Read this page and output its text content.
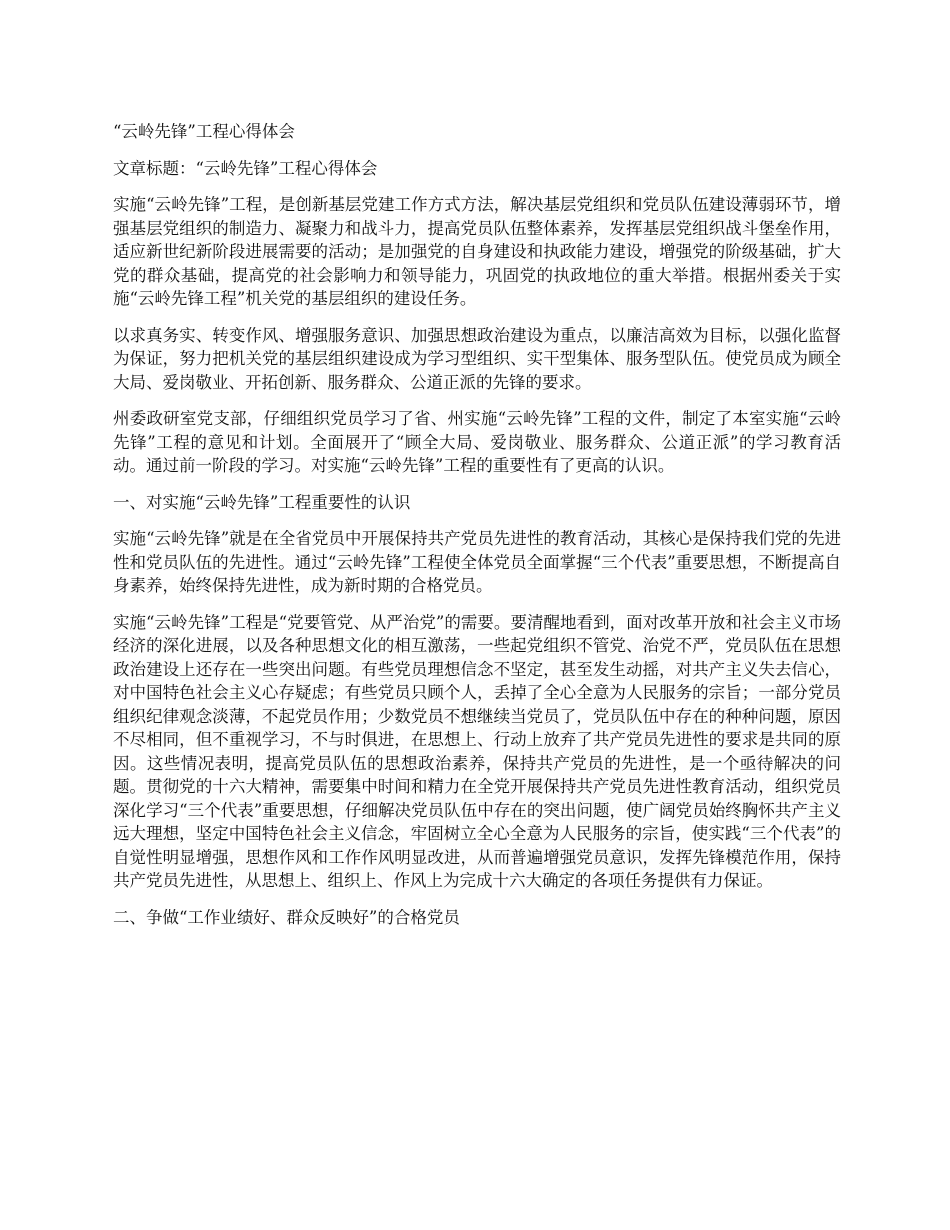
“云岭先锋”工程心得体会

文章标题：“云岭先锋”工程心得体会

实施“云岭先锋”工程，是创新基层党建工作方式方法，解决基层党组织和党员队伍建设薄弱环节，增强基层党组织的制造力、凝聚力和战斗力，提高党员队伍整体素养，发挥基层党组织战斗堡垒作用，适应新世纪新阶段进展需要的活动；是加强党的自身建设和执政能力建设，增强党的阶级基础，扩大党的群众基础，提高党的社会影响力和领导能力，巩固党的执政地位的重大举措。根据州委关于实施“云岭先锋工程”机关党的基层组织的建设任务。

以求真务实、转变作风、增强服务意识、加强思想政治建设为重点，以廉洁高效为目标，以强化监督为保证，努力把机关党的基层组织建设成为学习型组织、实干型集体、服务型队伍。使党员成为顾全大局、爱岗敬业、开拓创新、服务群众、公道正派的先锋的要求。

州委政研室党支部，仔细组织党员学习了省、州实施“云岭先锋”工程的文件，制定了本室实施“云岭先锋”工程的意见和计划。全面展开了“顾全大局、爱岗敬业、服务群众、公道正派”的学习教育活动。通过前一阶段的学习。对实施“云岭先锋”工程的重要性有了更高的认识。

一、对实施“云岭先锋”工程重要性的认识

实施“云岭先锋”就是在全省党员中开展保持共产党员先进性的教育活动，其核心是保持我们党的先进性和党员队伍的先进性。通过“云岭先锋”工程使全体党员全面掌握“三个代表”重要思想，不断提高自身素养，始终保持先进性，成为新时期的合格党员。

实施“云岭先锋”工程是“党要管党、从严治党”的需要。要清醒地看到，面对改革开放和社会主义市场经济的深化进展，以及各种思想文化的相互激荡，一些起党组织不管党、治党不严，党员队伍在思想政治建设上还存在一些突出问题。有些党员理想信念不坚定，甚至发生动摇，对共产主义失去信心，对中国特色社会主义心存疑虑；有些党员只顾个人，丢掉了全心全意为人民服务的宗旨；一部分党员组织纪律观念淡薄，不起党员作用；少数党员不想继续当党员了，党员队伍中存在的种种问题，原因不尽相同，但不重视学习，不与时俱进，在思想上、行动上放弃了共产党员先进性的要求是共同的原因。这些情况表明，提高党员队伍的思想政治素养，保持共产党员的先进性，是一个亟待解决的问题。贯彻党的十六大精神，需要集中时间和精力在全党开展保持共产党员先进性教育活动，组织党员深化学习“三个代表”重要思想，仔细解决党员队伍中存在的突出问题，使广阔党员始终胸怀共产主义远大理想，坚定中国特色社会主义信念，牢固树立全心全意为人民服务的宗旨，使实践“三个代表”的自觉性明显增强，思想作风和工作作风明显改进，从而普遍增强党员意识，发挥先锋模范作用，保持共产党员先进性，从思想上、组织上、作风上为完成十六大确定的各项任务提供有力保证。

二、争做“工作业绩好、群众反映好”的合格党员
